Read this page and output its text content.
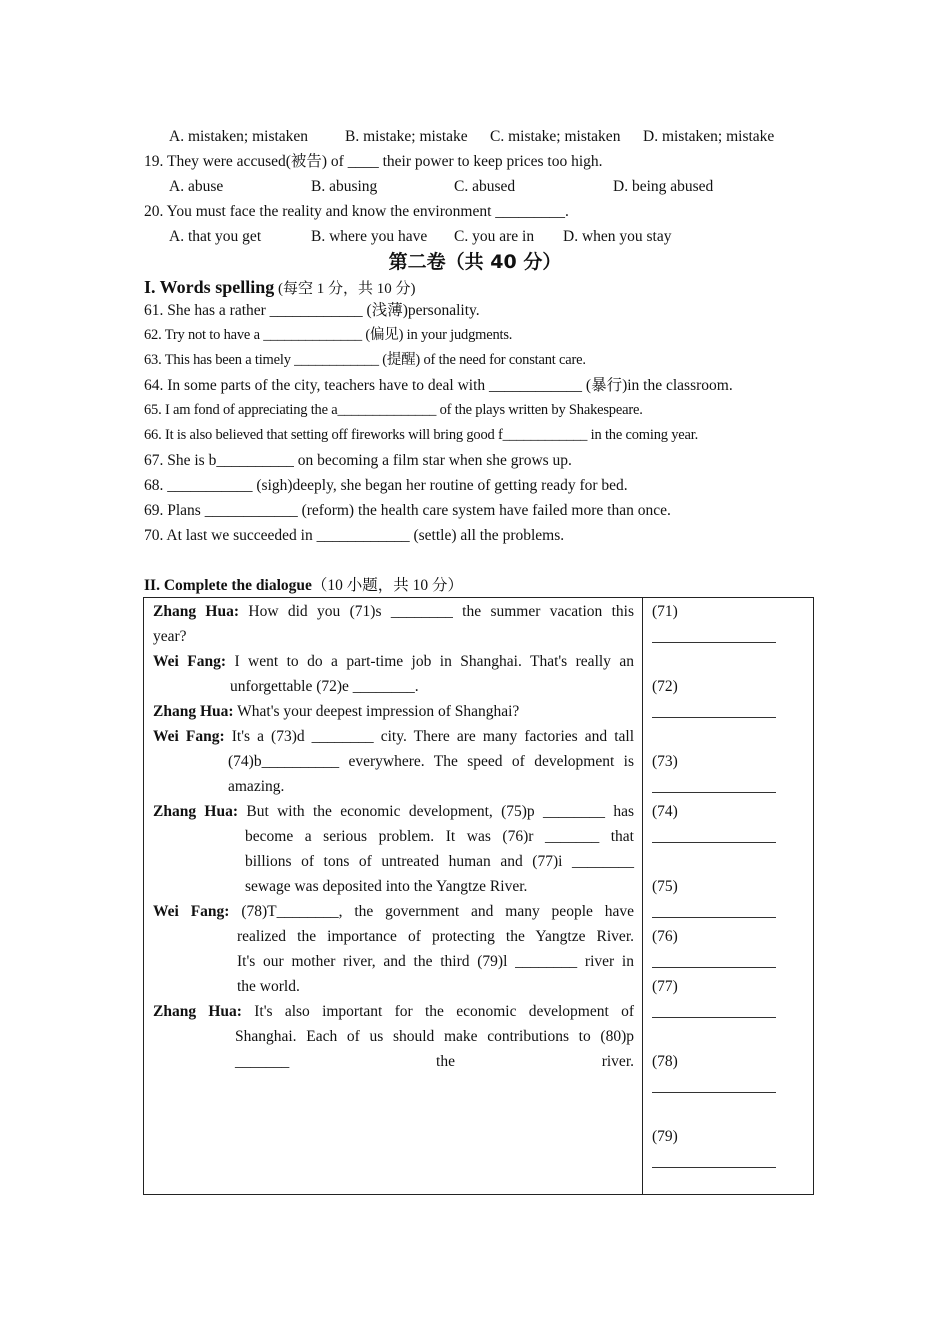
A. mistaken; mistaken B. mistake; mistake C. mistake; mistaken D. mistaken; mistake
19. They were accused(被告) of ____ their power to keep prices too high.
A. abuse	B. abusing	C. abused	D. being abused
20. You must face the reality and know the environment _________.
A. that you get	B. where you have C. you are in D. when you stay
第二卷（共 40 分）
I. Words spelling (每空 1 分，共 10 分)
61. She has a rather ____________ (浅薄)personality.
62. Try not to have a ______________ (偏见) in your judgments.
63. This has been a timely ____________ (提醒) of the need for constant care.
64. In some parts of the city, teachers have to deal with ____________ (暴行)in the classroom.
65. I am fond of appreciating the a______________ of the plays written by Shakespeare.
66. It is also believed that setting off fireworks will bring good f____________ in the coming year.
67. She is b__________ on becoming a film star when she grows up.
68. ___________ (sigh)deeply, she began her routine of getting ready for bed.
69. Plans ____________ (reform) the health care system have failed more than once.
70. At last we succeeded in ____________ (settle) all the problems.
II. Complete the dialogue（10 小题，共 10 分）
Zhang Hua: How did you (71)s ________ the summer vacation this
year?
Wei Fang: I went to do a part-time job in Shanghai. That's really an
unforgettable (72)e ________.
Zhang Hua: What's your deepest impression of Shanghai?
Wei Fang: It's a (73)d ________ city. There are many factories and tall
(74)b__________ everywhere. The speed of development is
amazing.
Zhang Hua: But with the economic development, (75)p ________ has
become a serious problem. It was (76)r _______ that
billions of tons of untreated human and (77)i ________
sewage was deposited into the Yangtze River.
Wei Fang: (78)T________, the government and many people have
realized the importance of protecting the Yangtze River.
It's our mother river, and the third (79)l ________ river in
the world.
Zhang Hua: It's also important for the economic development of
Shanghai. Each of us should make contributions to (80)p
_______ the river.
(71)
(72)
(73)
(74)
(75)
(76)
(77)
(78)
(79)
